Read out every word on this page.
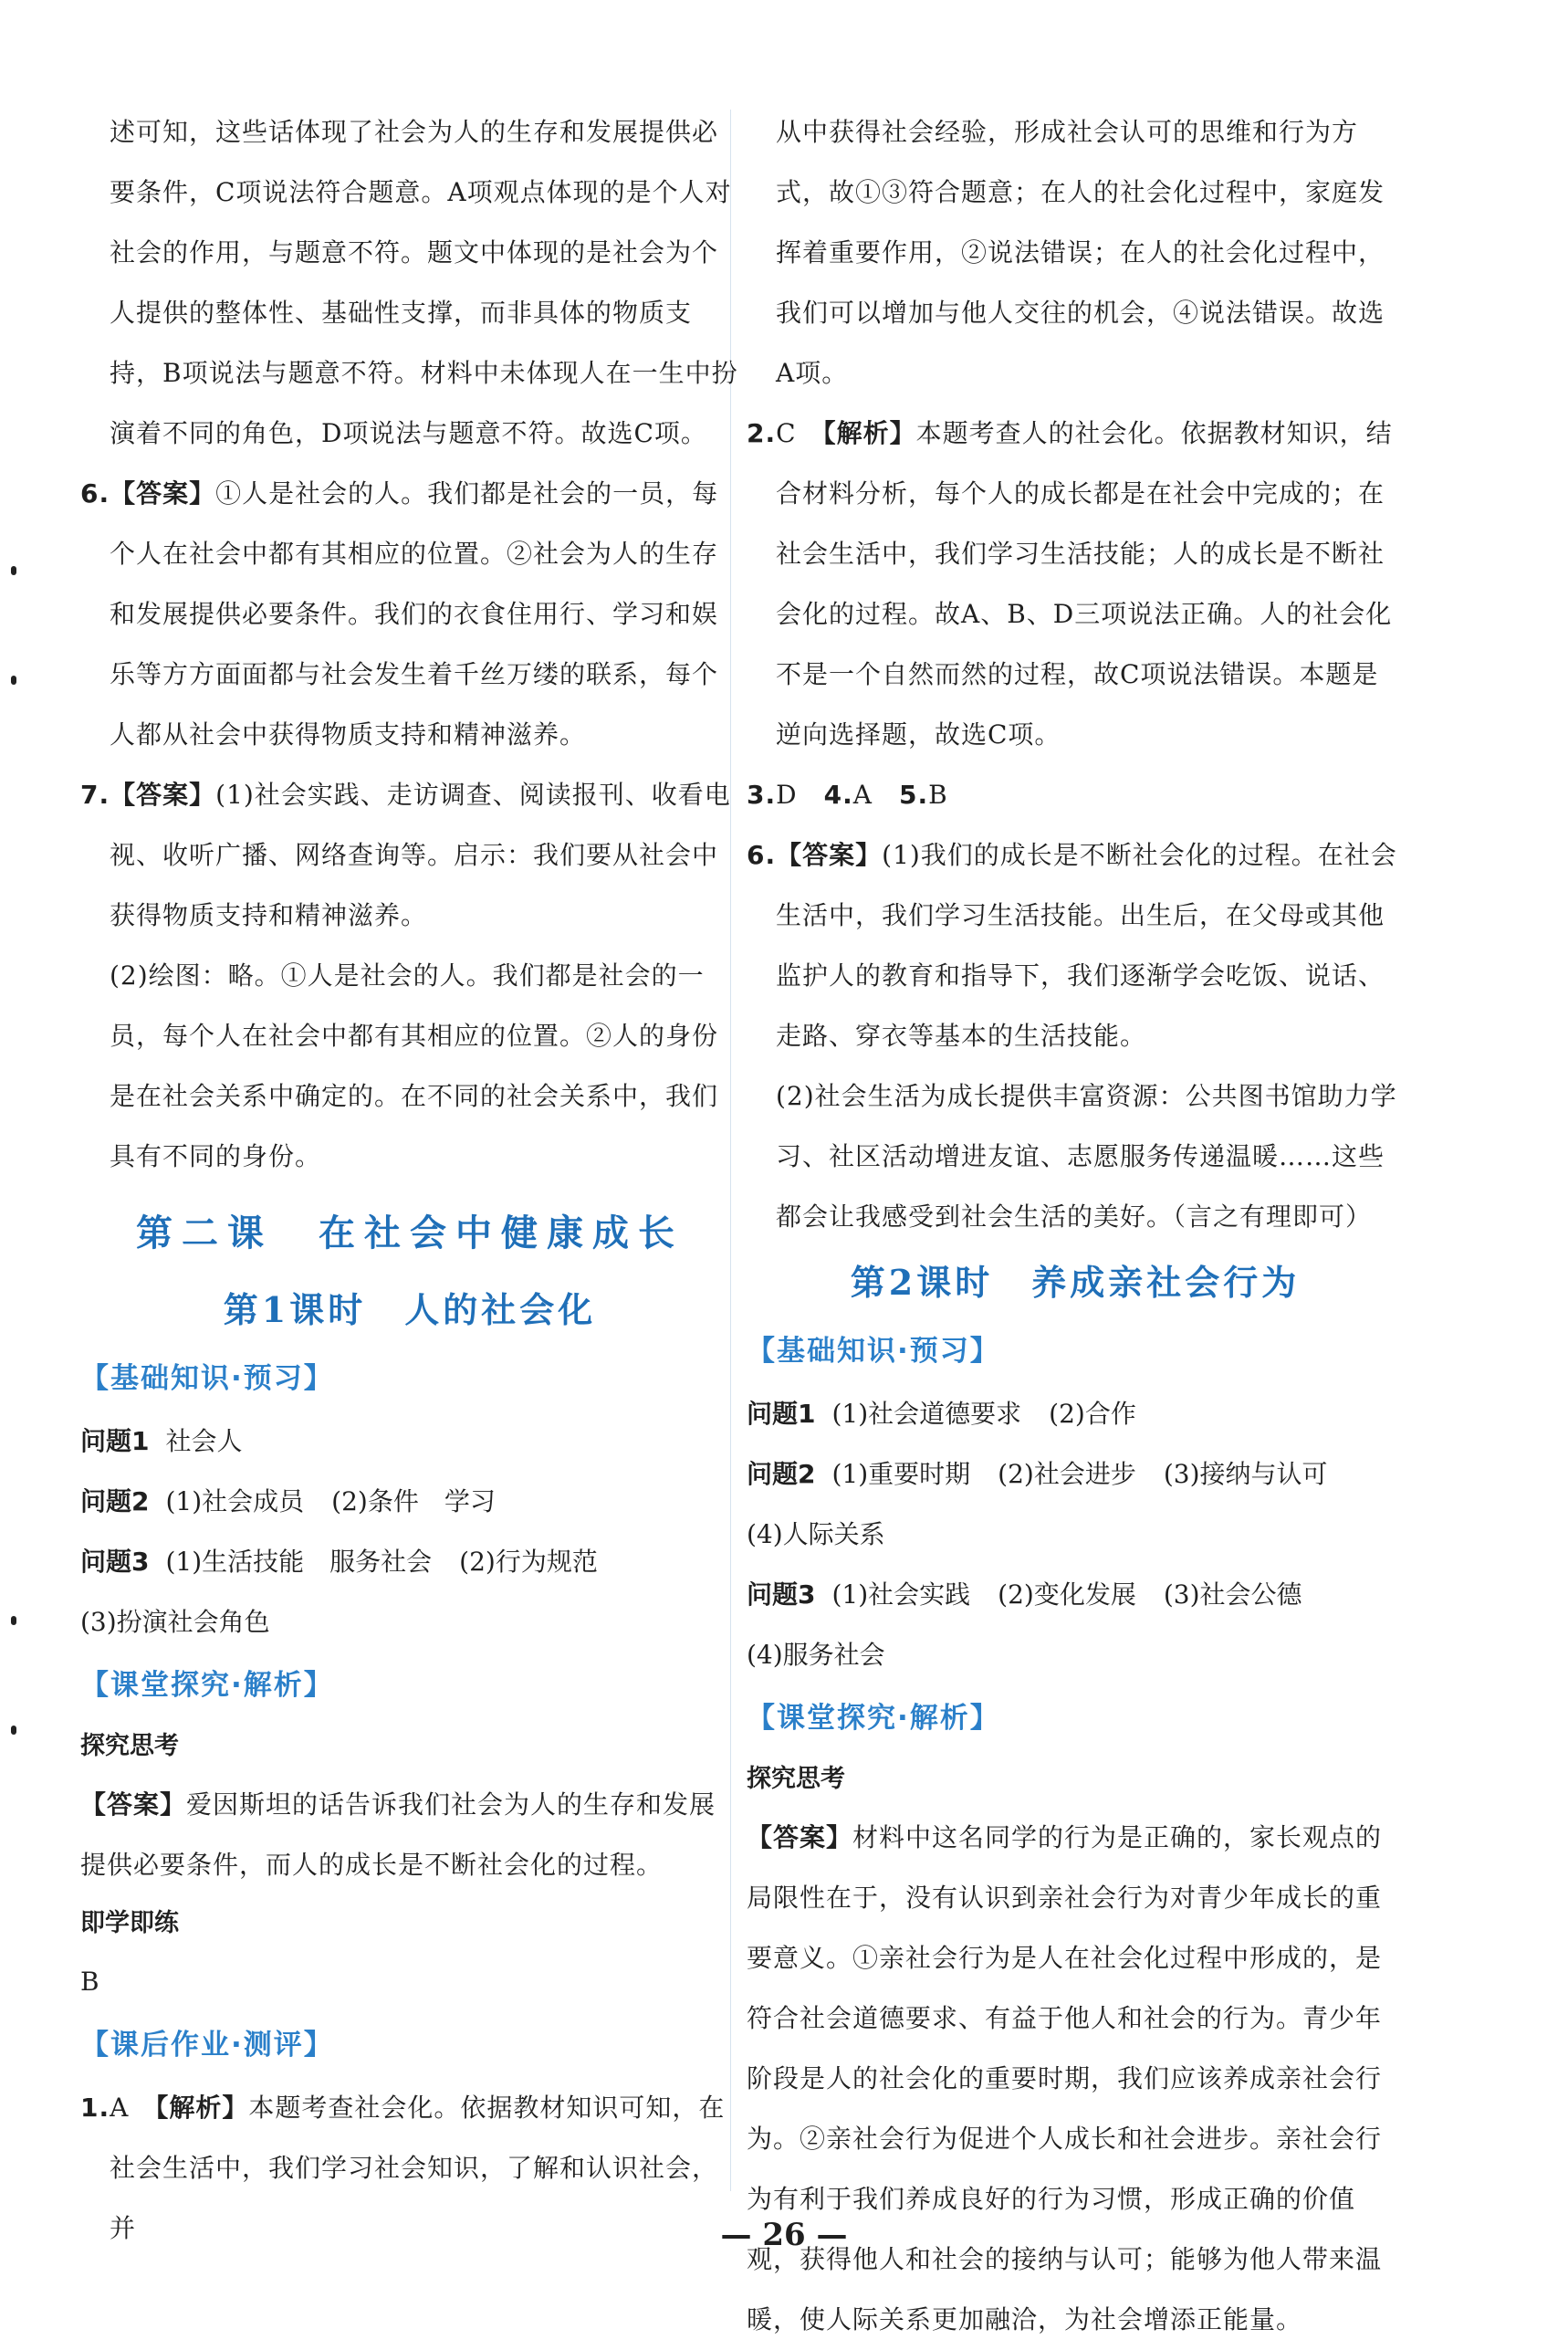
述可知，这些话体现了社会为人的生存和发展提供必要条件，C项说法符合题意。A项观点体现的是个人对社会的作用，与题意不符。题文中体现的是社会为个人提供的整体性、基础性支撑，而非具体的物质支持，B项说法与题意不符。材料中未体现人在一生中扮演着不同的角色，D项说法与题意不符。故选C项。

6.【答案】①人是社会的人。我们都是社会的一员，每个人在社会中都有其相应的位置。②社会为人的生存和发展提供必要条件。我们的衣食住用行、学习和娱乐等方方面面都与社会发生着千丝万缕的联系，每个人都从社会中获得物质支持和精神滋养。

7.【答案】(1)社会实践、走访调查、阅读报刊、收看电视、收听广播、网络查询等。启示：我们要从社会中获得物质支持和精神滋养。

(2)绘图：略。①人是社会的人。我们都是社会的一员，每个人在社会中都有其相应的位置。②人的身份是在社会关系中确定的。在不同的社会关系中，我们具有不同的身份。

第二课　在社会中健康成长
第1课时　人的社会化
【基础知识·预习】
问题1 社会人
问题2 (1)社会成员 (2)条件　学习
问题3 (1)生活技能　服务社会 (2)行为规范
(3)扮演社会角色
【课堂探究·解析】
探究思考

【答案】爱因斯坦的话告诉我们社会为人的生存和发展提供必要条件，而人的成长是不断社会化的过程。

即学即练
B
【课后作业·测评】

1.A　 【解析】本题考查社会化。依据教材知识可知，在社会生活中，我们学习社会知识，了解和认识社会，并

从中获得社会经验，形成社会认可的思维和行为方式，故①③符合题意；在人的社会化过程中，家庭发挥着重要作用，②说法错误；在人的社会化过程中，我们可以增加与他人交往的机会，④说法错误。故选A项。

2.C　 【解析】本题考查人的社会化。依据教材知识，结合材料分析，每个人的成长都是在社会中完成的；在社会生活中，我们学习生活技能；人的成长是不断社会化的过程。故A、B、D三项说法正确。人的社会化不是一个自然而然的过程，故C项说法错误。本题是逆向选择题，故选C项。

3.D　 4.A　 5.B

6.【答案】(1)我们的成长是不断社会化的过程。在社会生活中，我们学习生活技能。出生后，在父母或其他监护人的教育和指导下，我们逐渐学会吃饭、说话、走路、穿衣等基本的生活技能。

(2)社会生活为成长提供丰富资源：公共图书馆助力学习、社区活动增进友谊、志愿服务传递温暖……这些都会让我感受到社会生活的美好。（言之有理即可）

第2课时　养成亲社会行为
【基础知识·预习】
问题1 (1)社会道德要求 (2)合作
问题2 (1)重要时期 (2)社会进步 (3)接纳与认可
(4)人际关系
问题3 (1)社会实践 (2)变化发展 (3)社会公德
(4)服务社会
【课堂探究·解析】
探究思考

【答案】材料中这名同学的行为是正确的，家长观点的局限性在于，没有认识到亲社会行为对青少年成长的重要意义。①亲社会行为是人在社会化过程中形成的，是符合社会道德要求、有益于他人和社会的行为。青少年阶段是人的社会化的重要时期，我们应该养成亲社会行为。②亲社会行为促进个人成长和社会进步。亲社会行为有利于我们养成良好的行为习惯，形成正确的价值观，获得他人和社会的接纳与认可；能够为他人带来温暖，使人际关系更加融洽，为社会增添正能量。

— 26 —
